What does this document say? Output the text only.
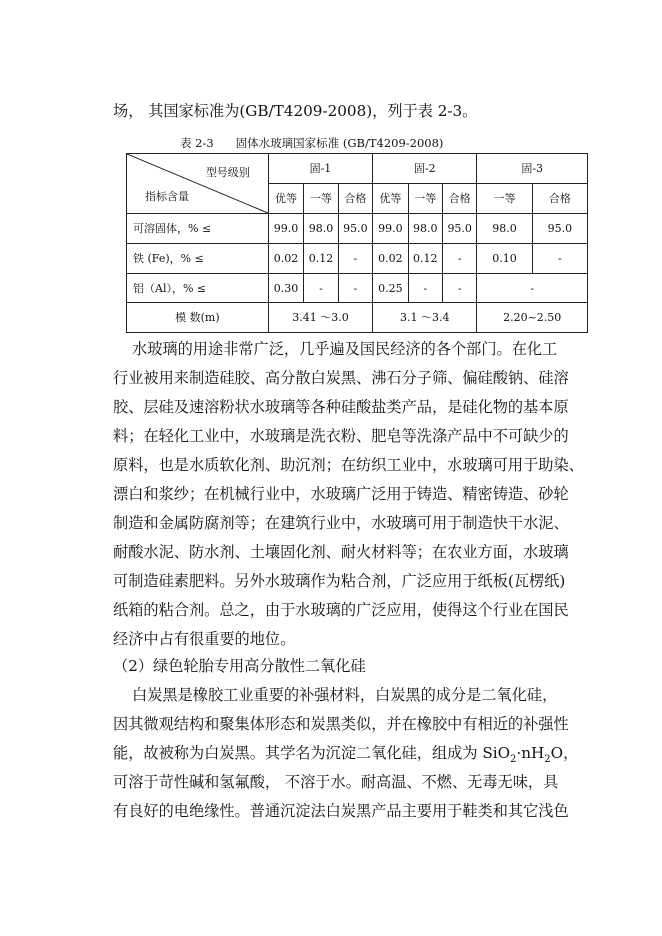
场， 其国家标准为(GB/T4209-2008)，列于表 2-3。
表 2-3 固体水玻璃国家标准 (GB/T4209-2008)
型号级别
指标含量	固-1			固-2			固-3	
	优等	一等	合格	优等	一等	合格	一等	合格
可溶固体，% ≤	99.0	98.0	95.0	99.0	98.0	95.0	98.0	95.0
铁 (Fe)，% ≤	0.02	0.12	-	0.02	0.12	-	0.10	-
铝（Al），% ≤	0.30	-	-	0.25	-	-	-	
模 数(m)	3.41 ～3.0			3.1 ～3.4			2.20~2.50	
水玻璃的用途非常广泛，几乎遍及国民经济的各个部门。在化工
行业被用来制造硅胶、高分散白炭黑、沸石分子筛、偏硅酸钠、硅溶
胶、层硅及速溶粉状水玻璃等各种硅酸盐类产品，是硅化物的基本原
料；在轻化工业中，水玻璃是洗衣粉、肥皂等洗涤产品中不可缺少的
原料，也是水质软化剂、助沉剂；在纺织工业中，水玻璃可用于助染、
漂白和浆纱；在机械行业中，水玻璃广泛用于铸造、精密铸造、砂轮
制造和金属防腐剂等；在建筑行业中，水玻璃可用于制造快干水泥、
耐酸水泥、防水剂、土壤固化剂、耐火材料等；在农业方面，水玻璃
可制造硅素肥料。另外水玻璃作为粘合剂，广泛应用于纸板(瓦楞纸)
纸箱的粘合剂。总之，由于水玻璃的广泛应用，使得这个行业在国民
经济中占有很重要的地位。
（2）绿色轮胎专用高分散性二氧化硅
白炭黑是橡胶工业重要的补强材料，白炭黑的成分是二氧化硅，
因其微观结构和聚集体形态和炭黑类似，并在橡胶中有相近的补强性
能，故被称为白炭黑。其学名为沉淀二氧化硅，组成为 $SiO_2\cdot nH_2O$，
可溶于苛性碱和氢氟酸， 不溶于水。耐高温、不燃、无毒无味，具
有良好的电绝缘性。普通沉淀法白炭黑产品主要用于鞋类和其它浅色
